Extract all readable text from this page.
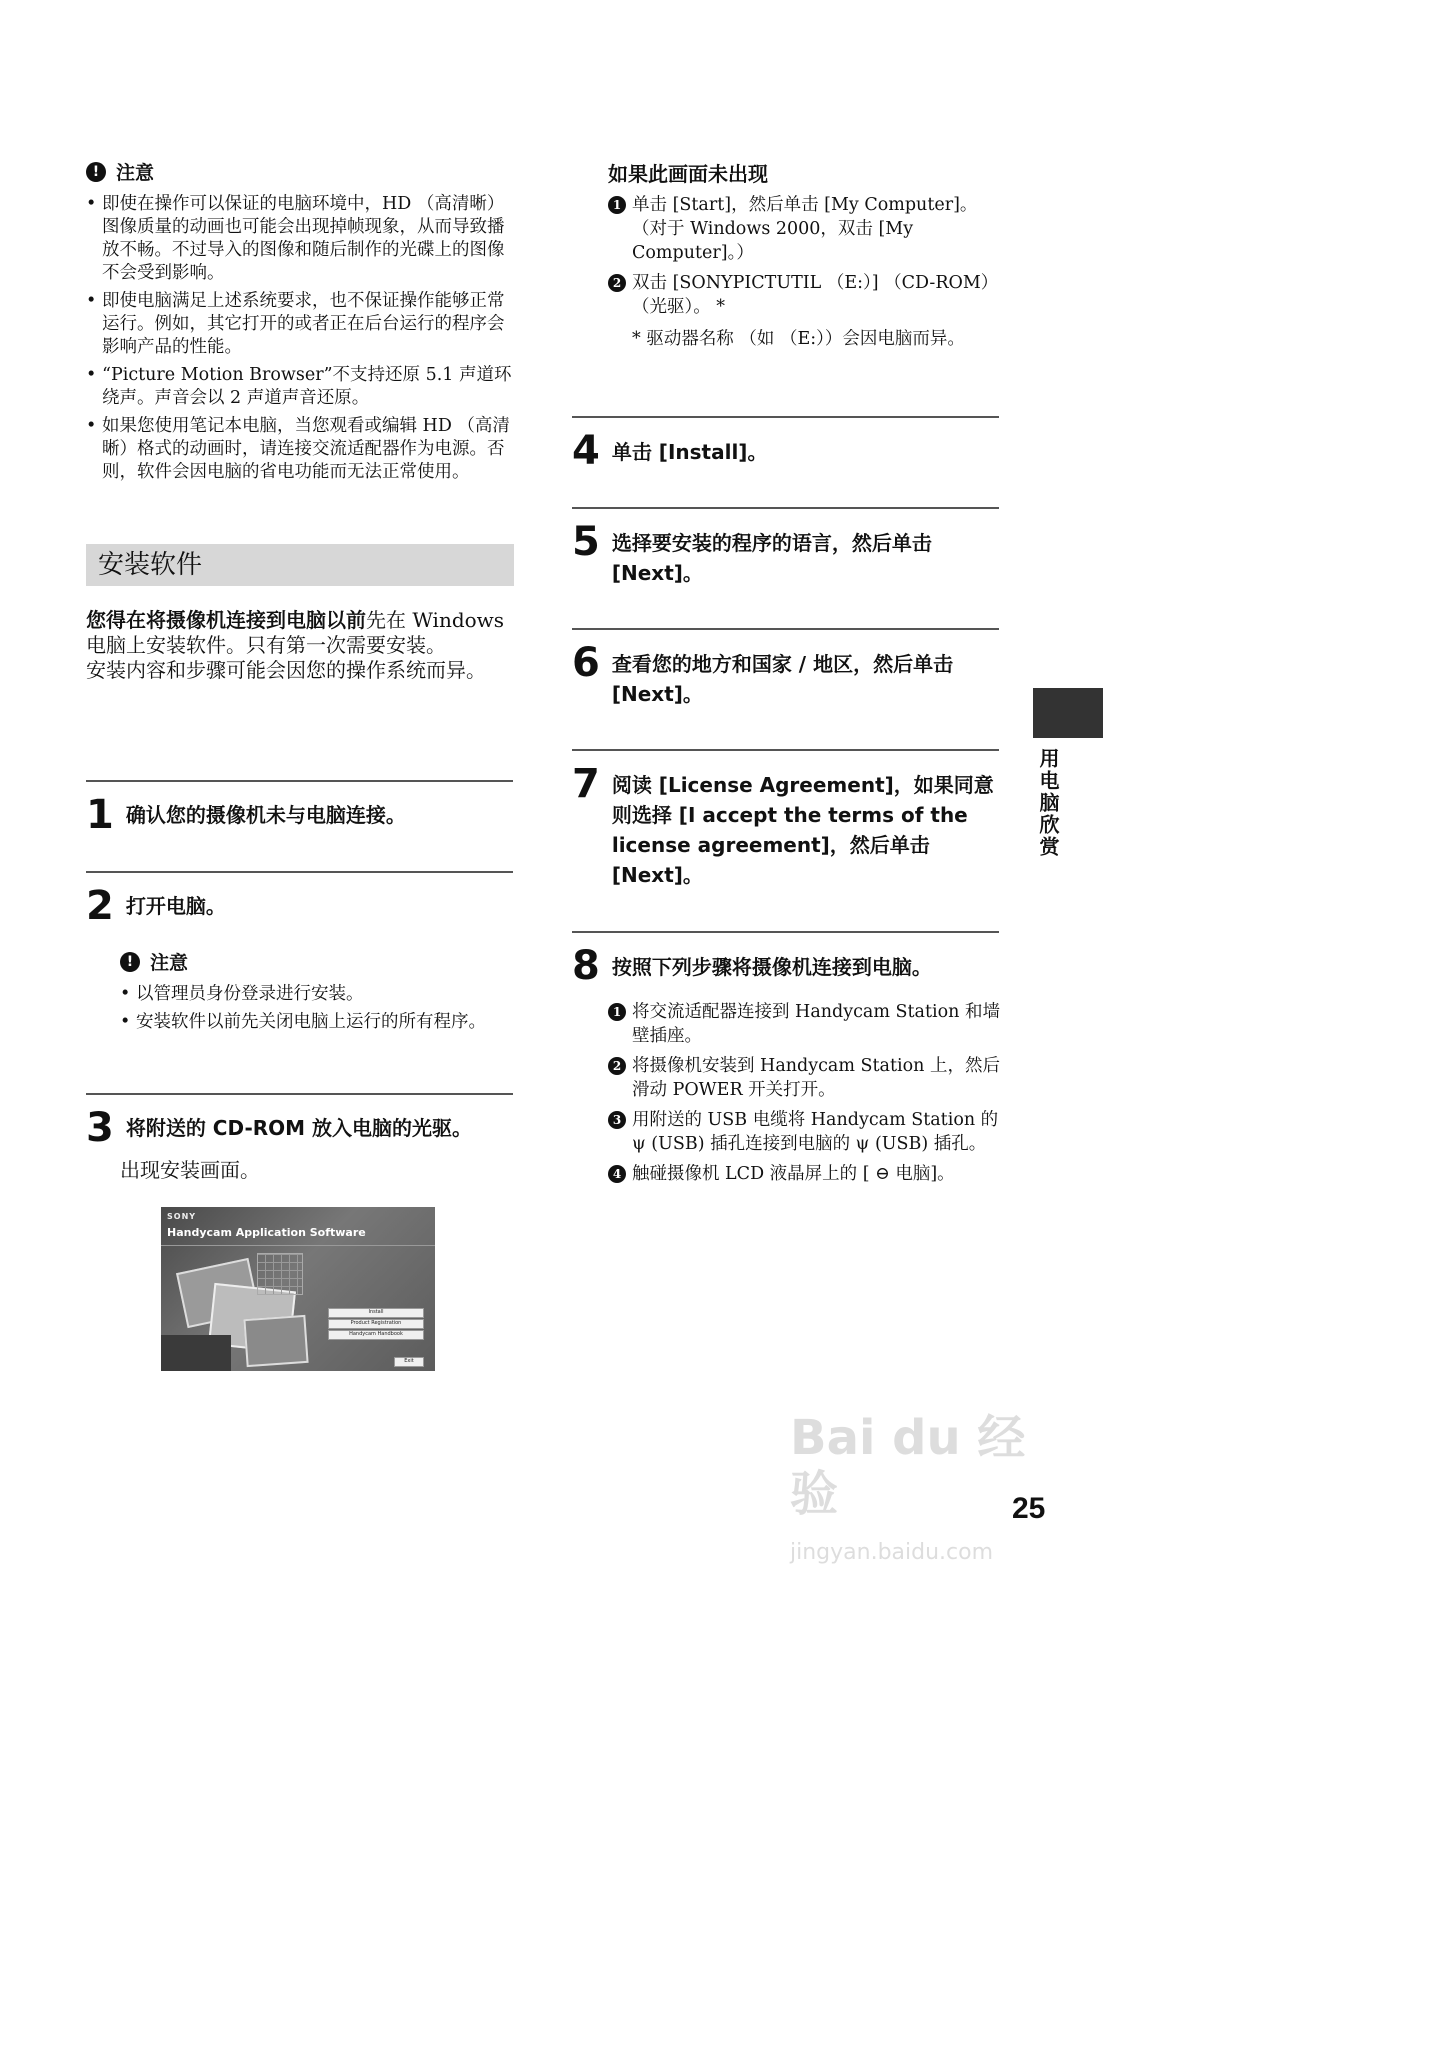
! 注意

• 即使在操作可以保证的电脑环境中，HD （高清晰）图像质量的动画也可能会出现掉帧现象，从而导致播放不畅。不过导入的图像和随后制作的光碟上的图像不会受到影响。

• 即使电脑满足上述系统要求，也不保证操作能够正常运行。例如，其它打开的或者正在后台运行的程序会影响产品的性能。

• “Picture Motion Browser”不支持还原 5.1 声道环绕声。声音会以 2 声道声音还原。

• 如果您使用笔记本电脑，当您观看或编辑 HD （高清晰）格式的动画时，请连接交流适配器作为电源。否则，软件会因电脑的省电功能而无法正常使用。

安装软件
您得在将摄像机连接到电脑以前先在 Windows 电脑上安装软件。只有第一次需要安装。
安装内容和步骤可能会因您的操作系统而异。
1 确认您的摄像机未与电脑连接。
2 打开电脑。
! 注意

• 以管理员身份登录进行安装。

• 安装软件以前先关闭电脑上运行的所有程序。

3 将附送的 CD-ROM 放入电脑的光驱。
出现安装画面。
SONY
Handycam Application Software
Install
Product Registration
Handycam Handbook
Exit
如果此画面未出现
1 单击 [Start]，然后单击 [My Computer]。（对于 Windows 2000，双击 [My Computer]。）
2 双击 [SONYPICTUTIL （E:）] （CD-ROM）（光驱）。 *
* 驱动器名称 （如 （E:））会因电脑而异。
4 单击 [Install]。
5 选择要安装的程序的语言，然后单击 [Next]。
6 查看您的地方和国家 / 地区，然后单击 [Next]。
7 阅读 [License Agreement]，如果同意则选择 [I accept the terms of the license agreement]，然后单击 [Next]。
8 按照下列步骤将摄像机连接到电脑。
1 将交流适配器连接到 Handycam Station 和墙壁插座。
2 将摄像机安装到 Handycam Station 上，然后滑动 POWER 开关打开。
3 用附送的 USB 电缆将 Handycam Station 的 ψ (USB) 插孔连接到电脑的 ψ (USB) 插孔。
4 触碰摄像机 LCD 液晶屏上的 [ ⊖ 电脑]。
用电脑欣赏
Bai du 经验
jingyan.baidu.com
25
